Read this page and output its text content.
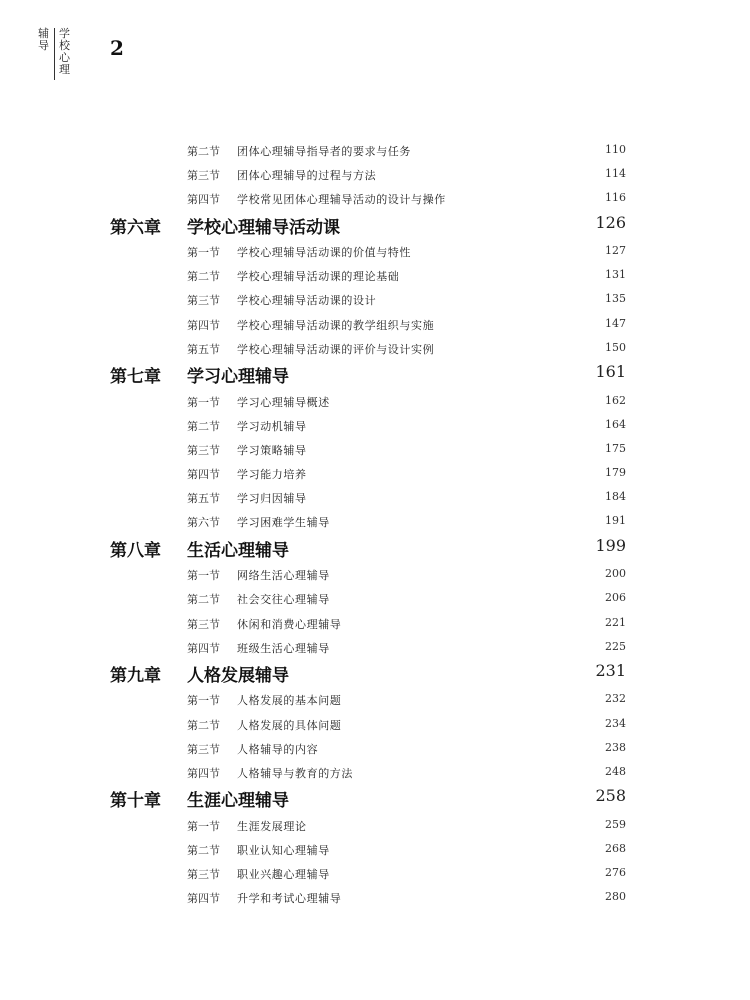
辅导
学校心理
2
第二节 团体心理辅导指导者的要求与任务	110
第三节 团体心理辅导的过程与方法	114
第四节 学校常见团体心理辅导活动的设计与操作	116
第六章 学校心理辅导活动课	126
第一节 学校心理辅导活动课的价值与特性	127
第二节 学校心理辅导活动课的理论基础	131
第三节 学校心理辅导活动课的设计	135
第四节 学校心理辅导活动课的教学组织与实施	147
第五节 学校心理辅导活动课的评价与设计实例	150
第七章 学习心理辅导	161
第一节 学习心理辅导概述	162
第二节 学习动机辅导	164
第三节 学习策略辅导	175
第四节 学习能力培养	179
第五节 学习归因辅导	184
第六节 学习困难学生辅导	191
第八章 生活心理辅导	199
第一节 网络生活心理辅导	200
第二节 社会交往心理辅导	206
第三节 休闲和消费心理辅导	221
第四节 班级生活心理辅导	225
第九章 人格发展辅导	231
第一节 人格发展的基本问题	232
第二节 人格发展的具体问题	234
第三节 人格辅导的内容	238
第四节 人格辅导与教育的方法	248
第十章 生涯心理辅导	258
第一节 生涯发展理论	259
第二节 职业认知心理辅导	268
第三节 职业兴趣心理辅导	276
第四节 升学和考试心理辅导	280
